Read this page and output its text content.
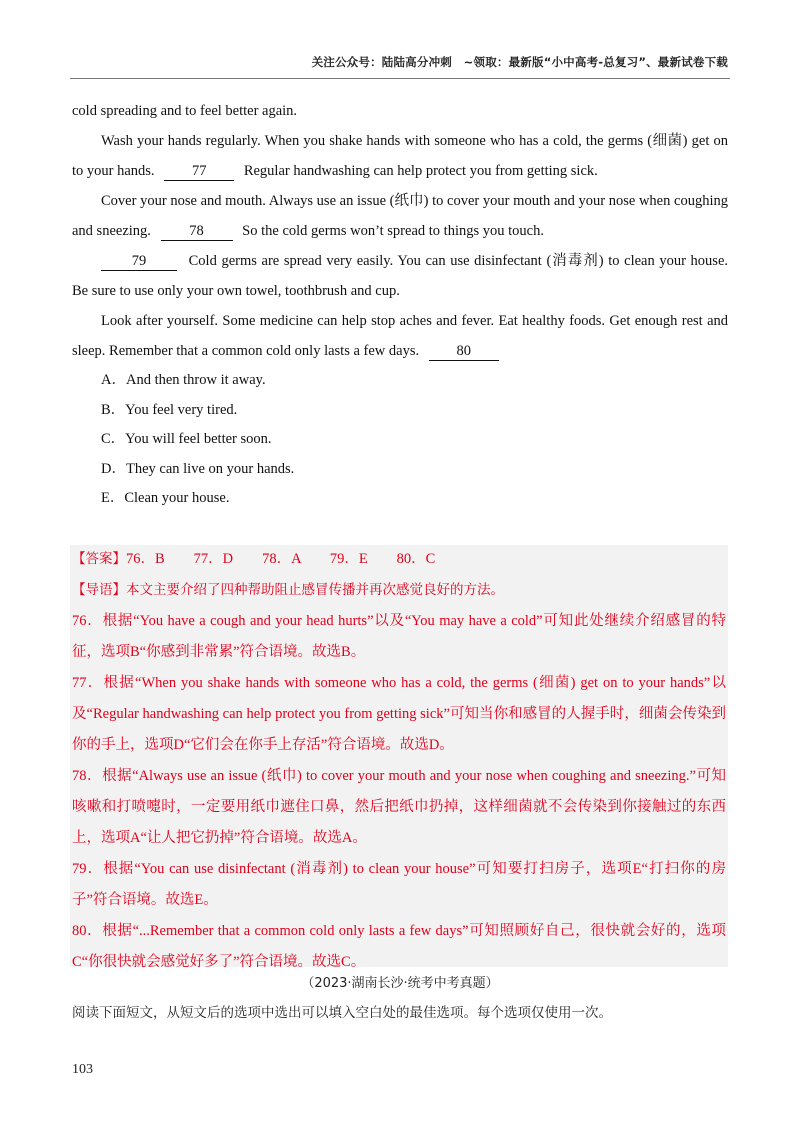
关注公众号：陆陆高分冲刺　~领取：最新版“小中高考-总复习”、最新试卷下载

cold spreading and to feel better again.

Wash your hands regularly. When you shake hands with someone who has a cold, the germs (细菌) get on to your hands.	77	Regular handwashing can help protect you from getting sick.

Cover your nose and mouth. Always use an issue (纸巾) to cover your mouth and your nose when coughing and sneezing.	78	So the cold germs won’t spread to things you touch.

79	Cold germs are spread very easily. You can use disinfectant (消毒剂) to clean your house. Be sure to use only your own towel, toothbrush and cup.

Look after yourself. Some medicine can help stop aches and fever. Eat healthy foods. Get enough rest and sleep. Remember that a common cold only lasts a few days.	80

A．And then throw it away.
B．You feel very tired.
C．You will feel better soon.
D．They can live on your hands.
E．Clean your house.

【答案】76．B　　77．D　　78．A　　79．E　　80．C

【导语】本文主要介绍了四种帮助阻止感冒传播并再次感觉良好的方法。

76．根据“You have a cough and your head hurts”以及“You may have a cold”可知此处继续介绍感冒的特征，选项B“你感到非常累”符合语境。故选B。

77．根据“When you shake hands with someone who has a cold, the germs (细菌) get on to your hands”以及“Regular handwashing can help protect you from getting sick”可知当你和感冒的人握手时，细菌会传染到你的手上，选项D“它们会在你手上存活”符合语境。故选D。

78．根据“Always use an issue (纸巾) to cover your mouth and your nose when coughing and sneezing.”可知咳嗽和打喷嚏时，一定要用纸巾遮住口鼻，然后把纸巾扔掉，这样细菌就不会传染到你接触过的东西上，选项A“让人把它扔掉”符合语境。故选A。

79．根据“You can use disinfectant (消毒剂) to clean your house”可知要打扫房子，选项E“打扫你的房子”符合语境。故选E。

80．根据“...Remember that a common cold only lasts a few days”可知照顾好自己，很快就会好的，选项C“你很快就会感觉好多了”符合语境。故选C。

（2023·湖南长沙·统考中考真题）
阅读下面短文，从短文后的选项中选出可以填入空白处的最佳选项。每个选项仅使用一次。
103
